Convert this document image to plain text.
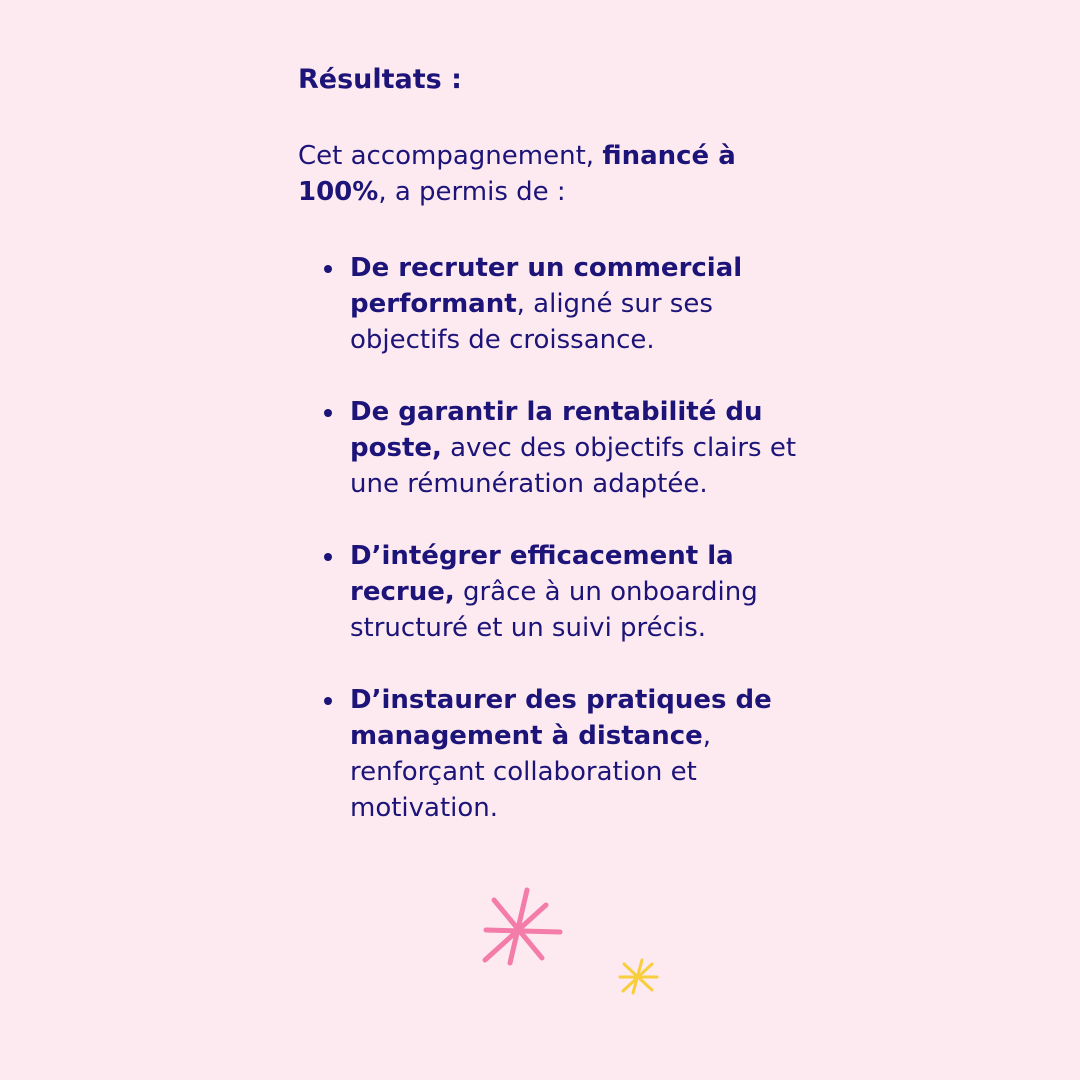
Résultats :

Cet accompagnement, financé à 100%, a permis de :

De recruter un commercial performant, aligné sur ses objectifs de croissance.
De garantir la rentabilité du poste, avec des objectifs clairs et une rémunération adaptée.
D’intégrer efficacement la recrue, grâce à un onboarding structuré et un suivi précis.
D’instaurer des pratiques de management à distance, renforçant collaboration et motivation.
